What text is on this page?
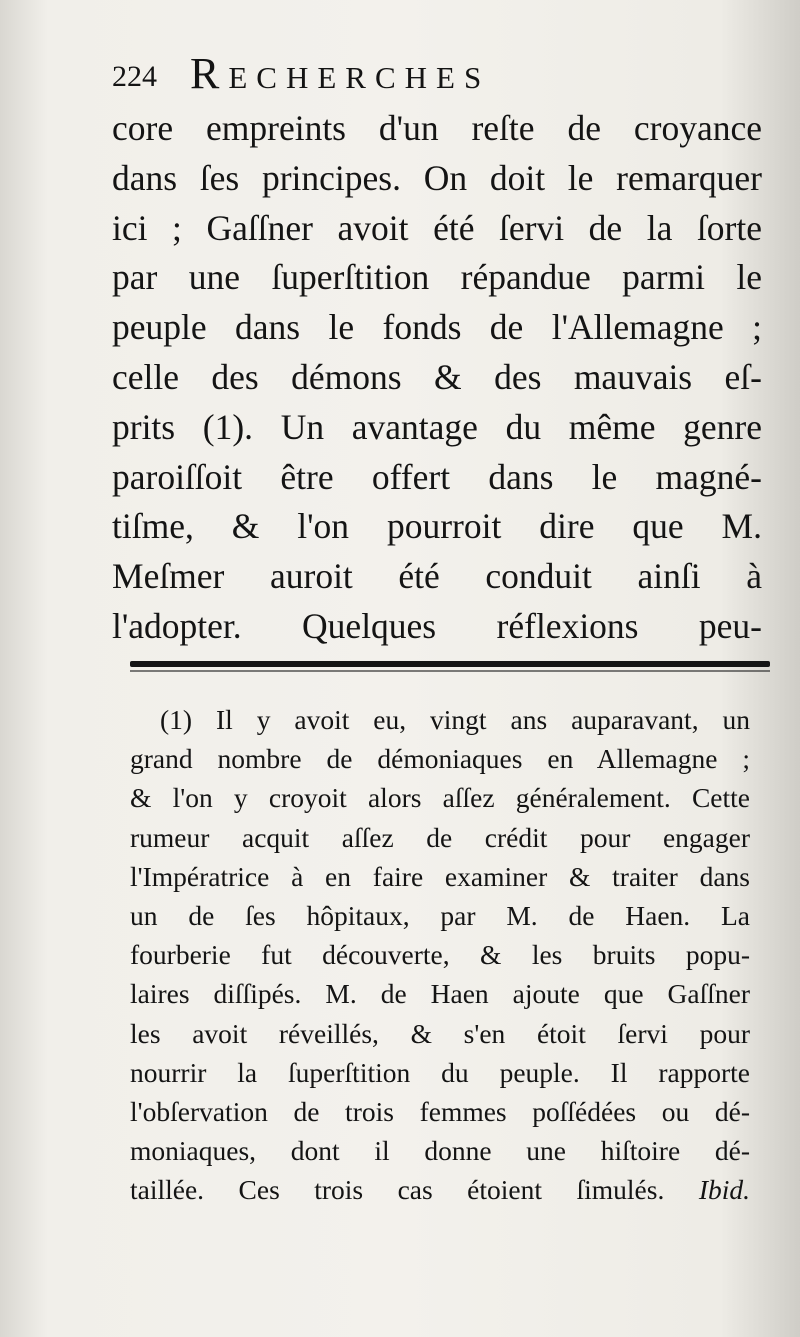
224 Recherches
core empreints d'un reſte de croyance
dans ſes principes. On doit le remarquer
ici ; Gaſſner avoit été ſervi de la ſorte
par une ſuperſtition répandue parmi le
peuple dans le fonds de l'Allemagne ;
celle des démons & des mauvais eſ-
prits (1). Un avantage du même genre
paroiſſoit être offert dans le magné-
tiſme, & l'on pourroit dire que M.
Meſmer auroit été conduit ainſi à
l'adopter. Quelques réflexions peu-
(1) Il y avoit eu, vingt ans auparavant, un
grand nombre de démoniaques en Allemagne ;
& l'on y croyoit alors aſſez généralement. Cette
rumeur acquit aſſez de crédit pour engager
l'Impératrice à en faire examiner & traiter dans
un de ſes hôpitaux, par M. de Haen. La
fourberie fut découverte, & les bruits popu-
laires diſſipés. M. de Haen ajoute que Gaſſner
les avoit réveillés, & s'en étoit ſervi pour
nourrir la ſuperſtition du peuple. Il rapporte
l'obſervation de trois femmes poſſédées ou dé-
moniaques, dont il donne une hiſtoire dé-
taillée. Ces trois cas étoient ſimulés. Ibid.
